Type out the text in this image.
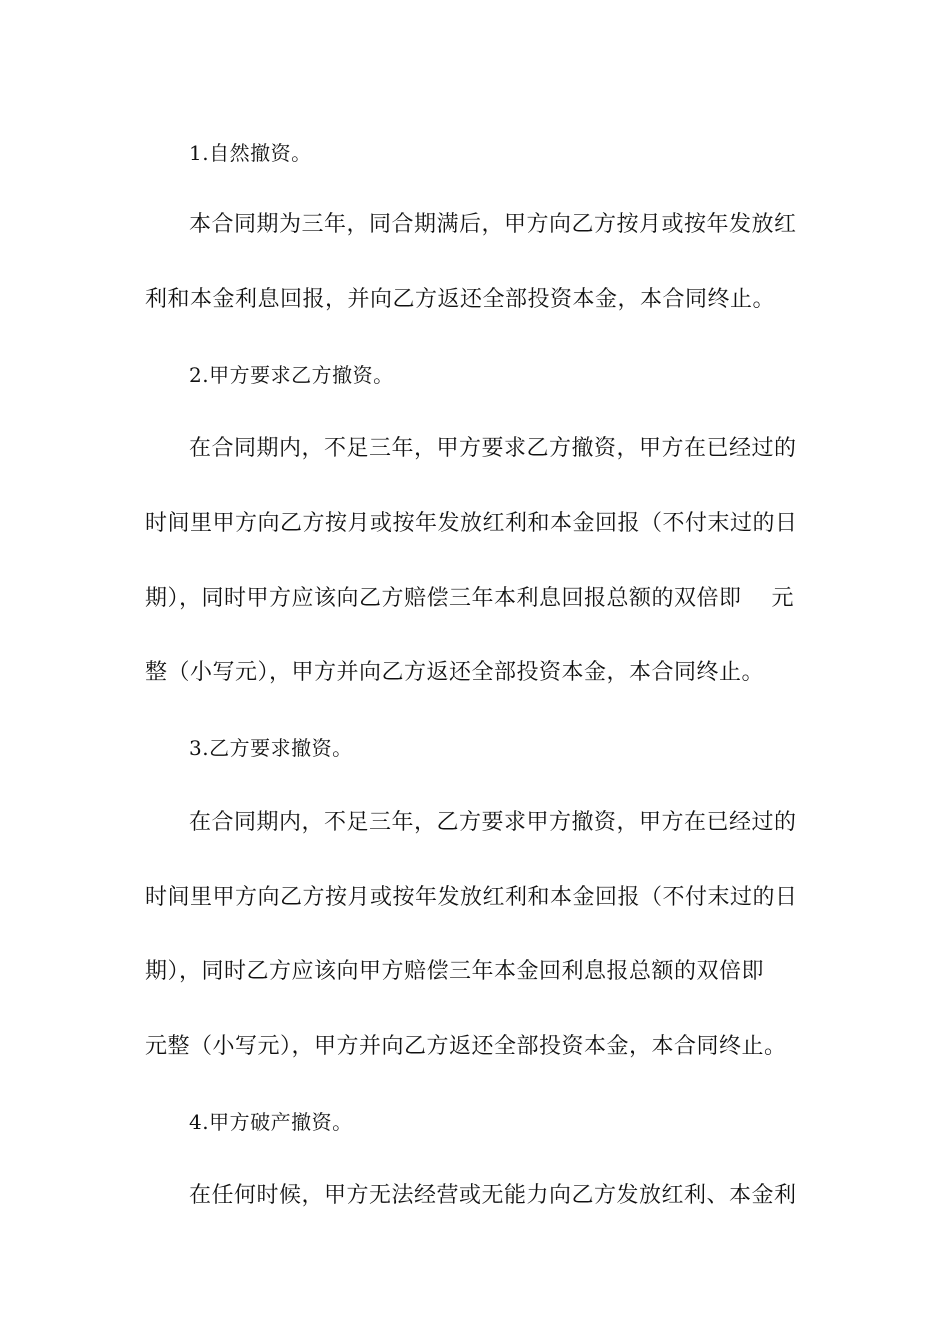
1.自然撤资。
本合同期为三年，同合期满后，甲方向乙方按月或按年发放红
利和本金利息回报，并向乙方返还全部投资本金，本合同终止。
2.甲方要求乙方撤资。
在合同期内，不足三年，甲方要求乙方撤资，甲方在已经过的
时间里甲方向乙方按月或按年发放红利和本金回报（不付末过的日
期），同时甲方应该向乙方赔偿三年本利息回报总额的双倍即　 元
整（小写元），甲方并向乙方返还全部投资本金，本合同终止。
3.乙方要求撤资。
在合同期内，不足三年，乙方要求甲方撤资，甲方在已经过的
时间里甲方向乙方按月或按年发放红利和本金回报（不付末过的日
期），同时乙方应该向甲方赔偿三年本金回利息报总额的双倍即
元整（小写元），甲方并向乙方返还全部投资本金，本合同终止。
4.甲方破产撤资。
在任何时候，甲方无法经营或无能力向乙方发放红利、本金利
